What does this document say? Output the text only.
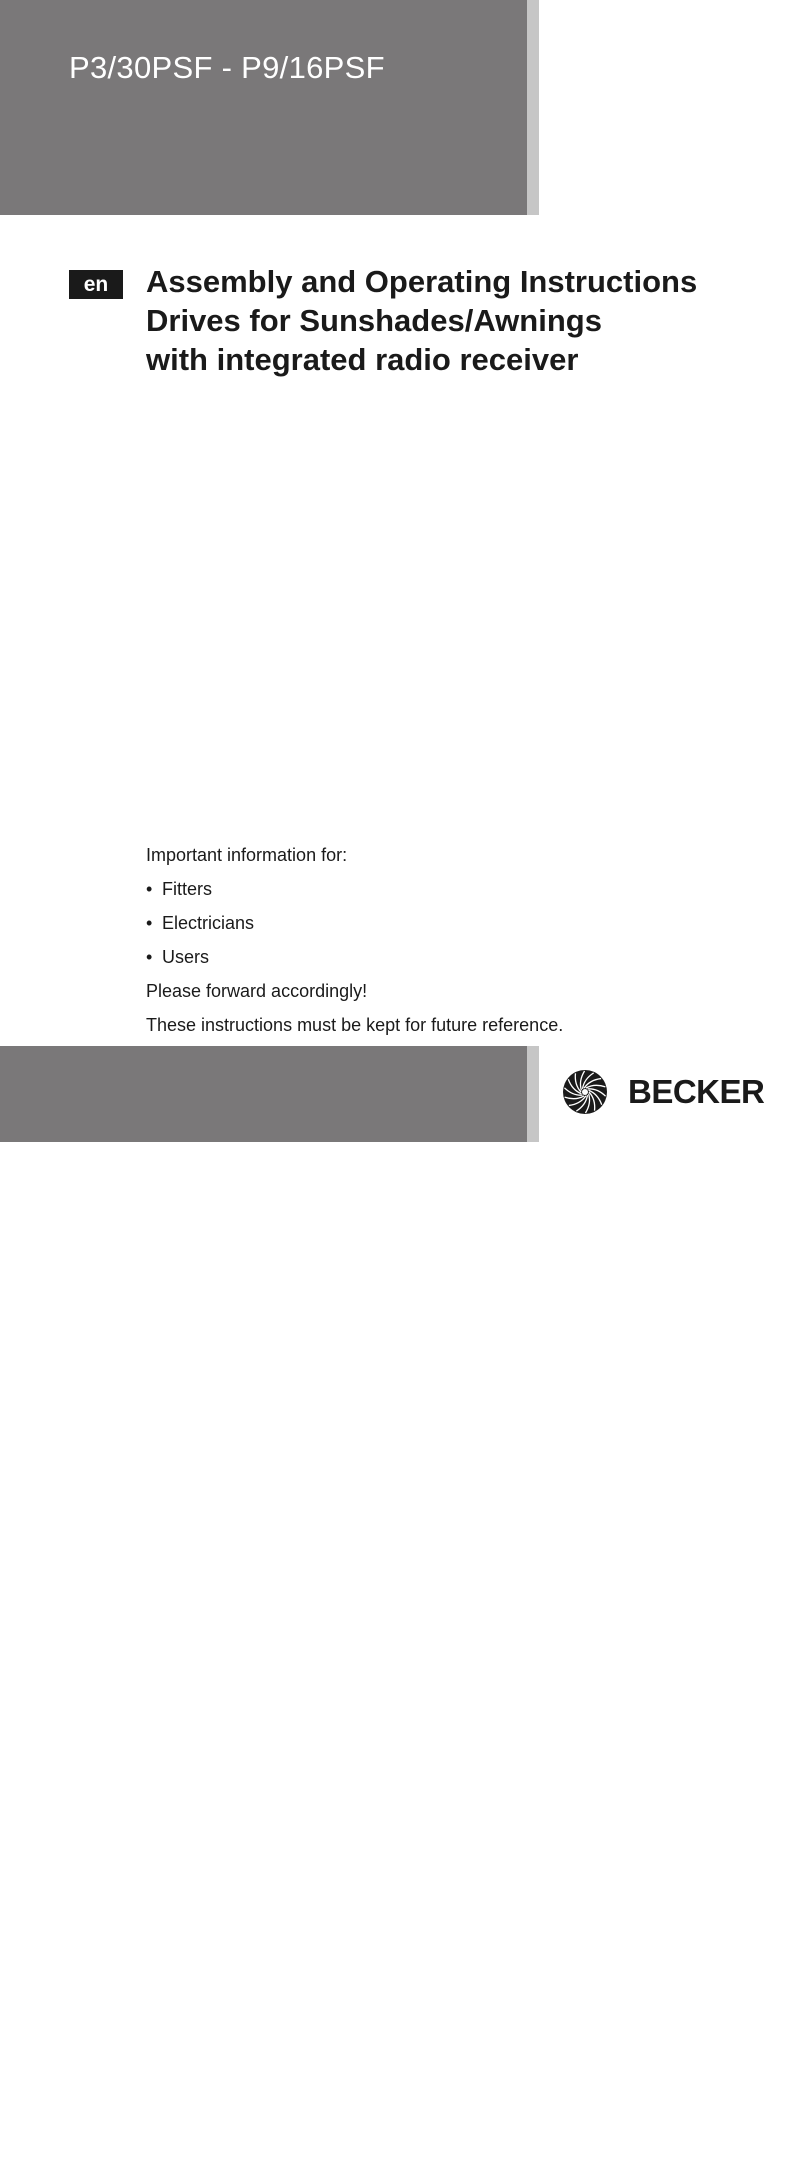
P3/30PSF - P9/16PSF
en	Assembly and Operating Instructions
Drives for Sunshades/Awnings
with integrated radio receiver
Important information for:
• Fitters
• Electricians
• Users
Please forward accordingly!
These instructions must be kept for future reference.
Becker-Antriebe GmbH
35764 Sinn/Germany
www.becker-antriebe.com
BECKER
